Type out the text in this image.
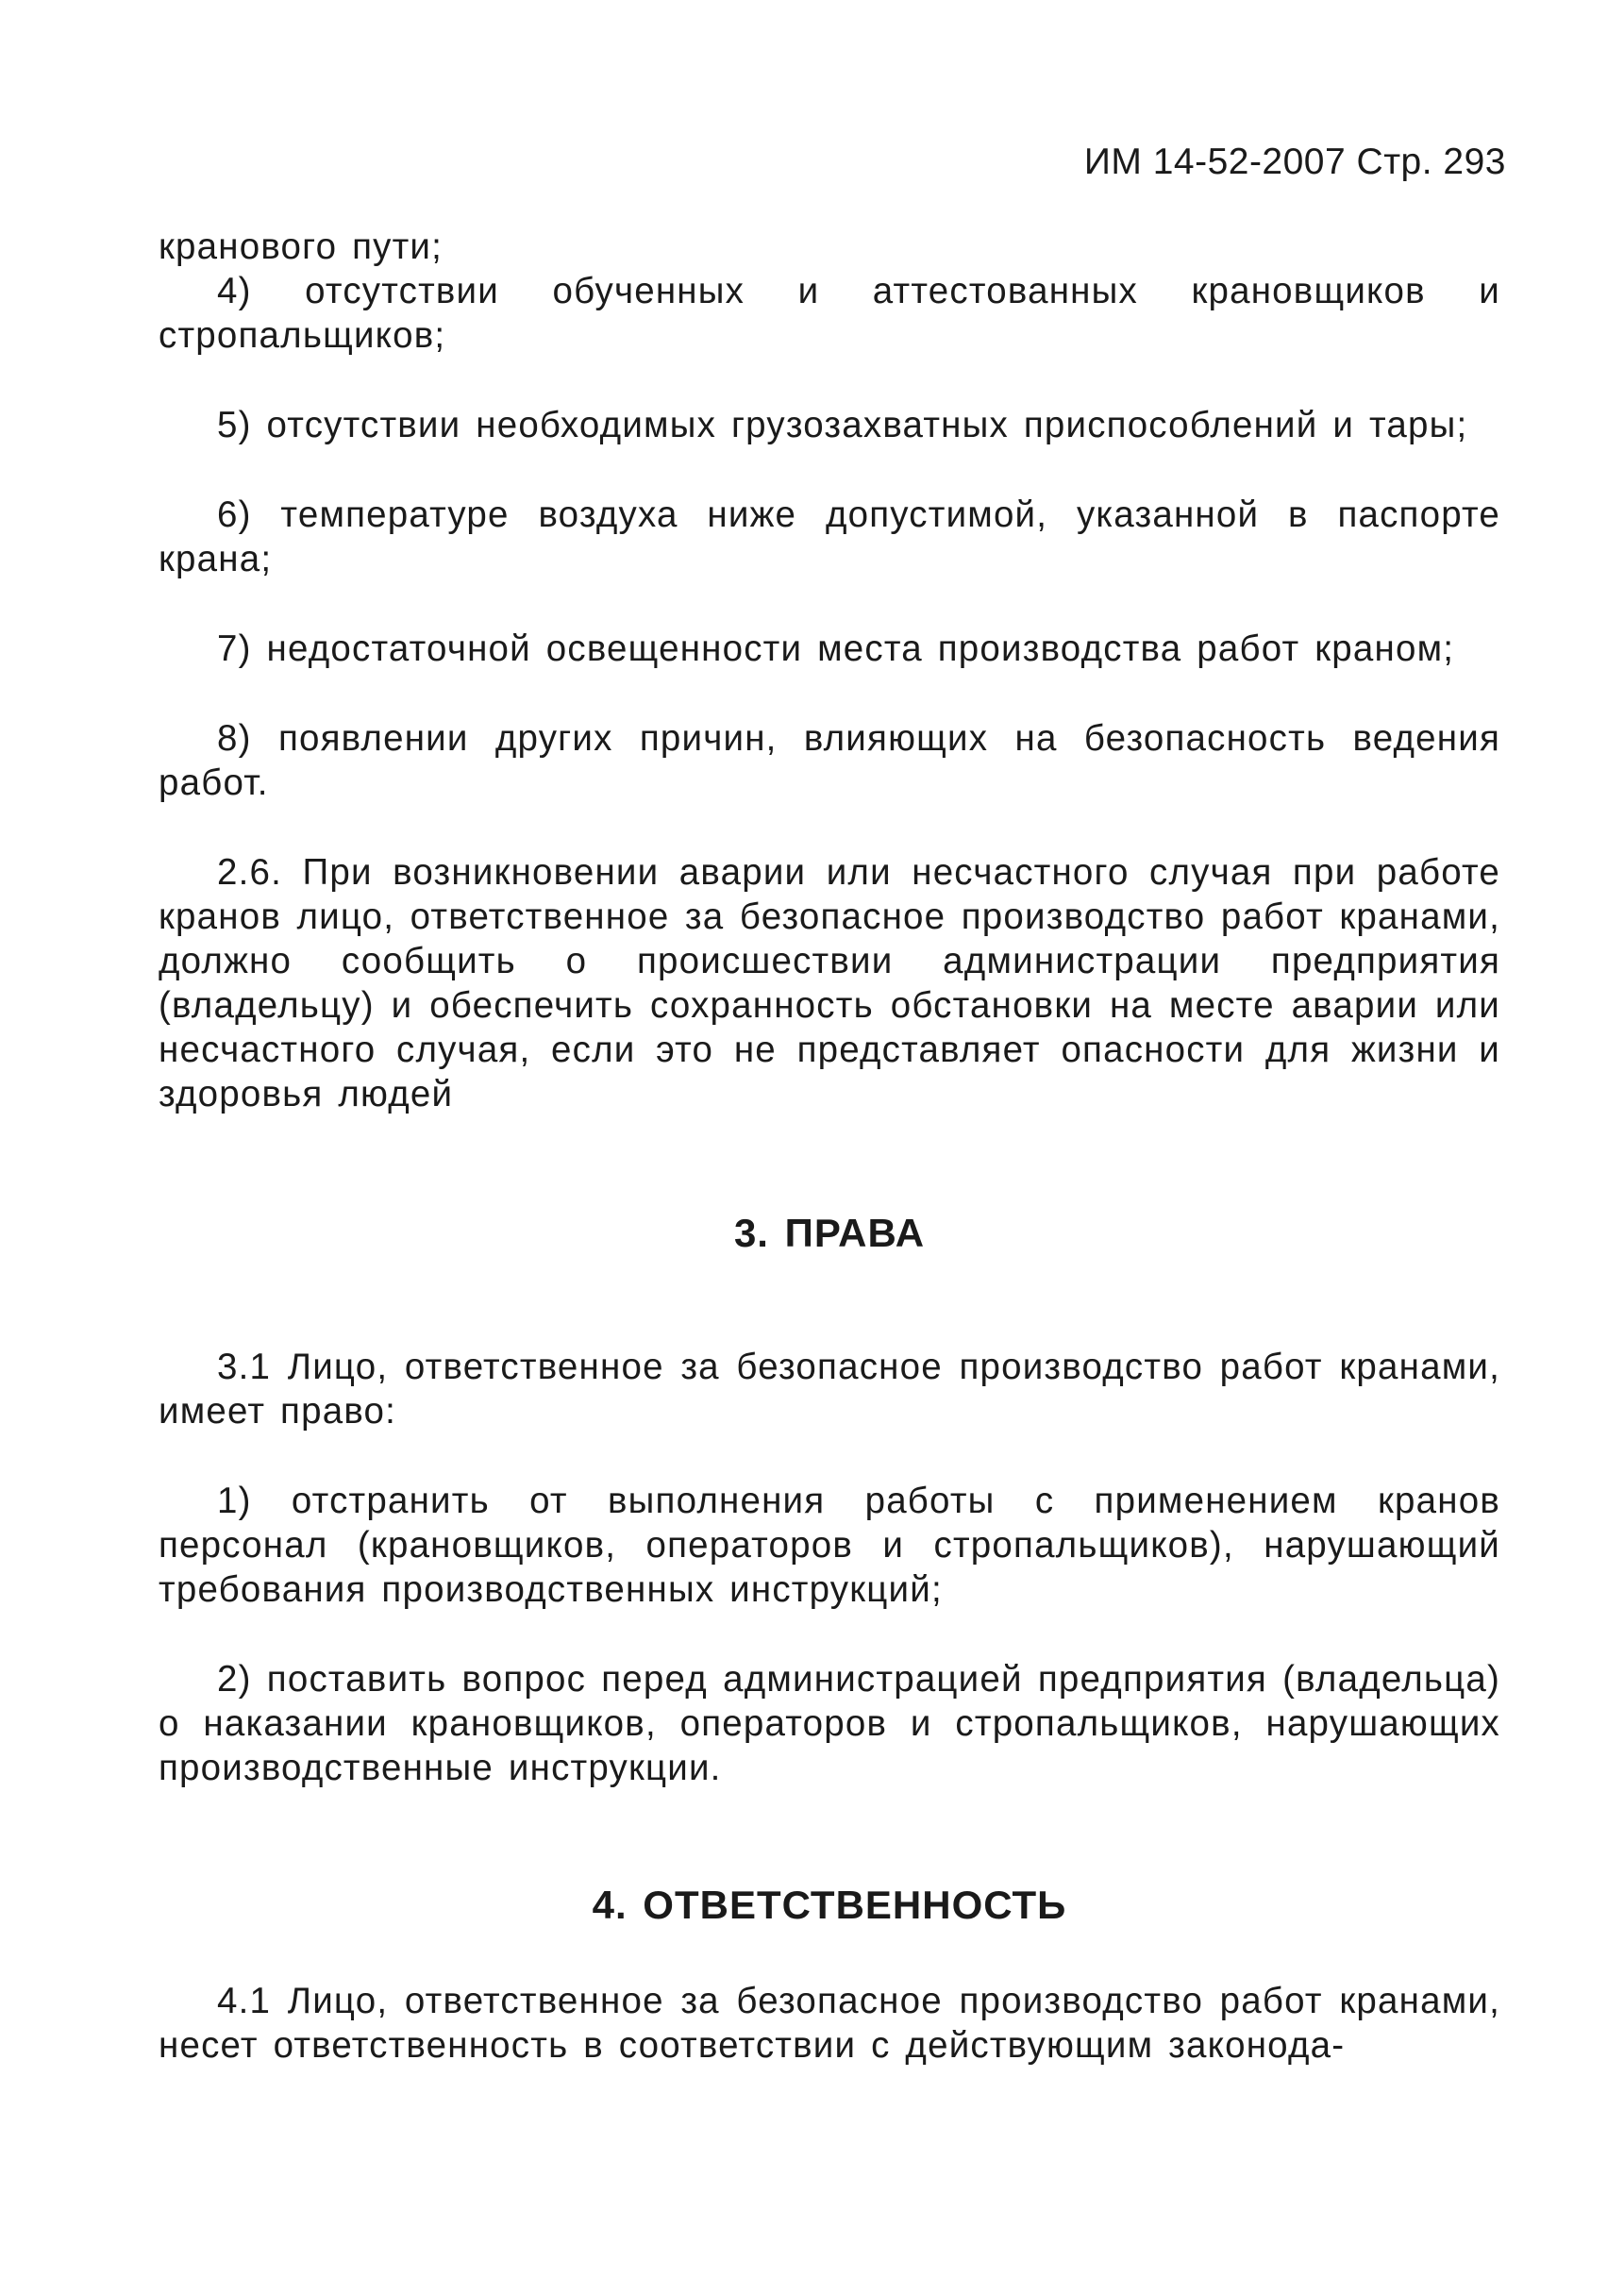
ИМ 14-52-2007 Стр. 293

кранового пути;

4) отсутствии обученных и аттестованных крановщиков и стропальщиков;

5) отсутствии необходимых грузозахватных приспособлений и тары;

6) температуре воздуха ниже допустимой, указанной в паспорте крана;

7) недостаточной освещенности места производства работ краном;

8) появлении других причин, влияющих на безопасность ведения работ.

2.6. При возникновении аварии или несчастного случая при работе кранов лицо, ответственное за безопасное производство работ кранами, должно сообщить о происшествии администрации предприятия (владельцу) и обеспечить сохранность обстановки на месте аварии или несчастного случая, если это не представляет опасности для жизни и здоровья людей

3. ПРАВА

3.1 Лицо, ответственное за безопасное производство работ кранами, имеет право:

1) отстранить от выполнения работы с применением кранов персонал (крановщиков, операторов и стропальщиков), нарушающий требования производственных инструкций;

2) поставить вопрос перед администрацией предприятия (владельца) о наказании крановщиков, операторов и стропальщиков, нарушающих производственные инструкции.

4. ОТВЕТСТВЕННОСТЬ

4.1 Лицо, ответственное за безопасное производство работ кранами, несет ответственность в соответствии с действующим законода-
